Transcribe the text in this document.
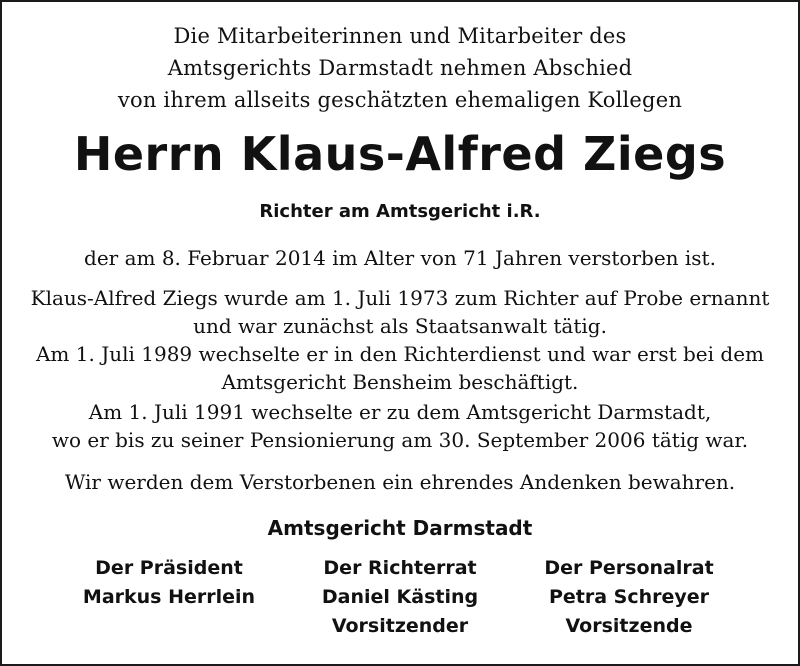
Die Mitarbeiterinnen und Mitarbeiter des
Amtsgerichts Darmstadt nehmen Abschied
von ihrem allseits geschätzten ehemaligen Kollegen
Herrn Klaus-Alfred Ziegs
Richter am Amtsgericht i.R.
der am 8. Februar 2014 im Alter von 71 Jahren verstorben ist.
Klaus-Alfred Ziegs wurde am 1. Juli 1973 zum Richter auf Probe ernannt
und war zunächst als Staatsanwalt tätig.
Am 1. Juli 1989 wechselte er in den Richterdienst und war erst bei dem
Amtsgericht Bensheim beschäftigt.
Am 1. Juli 1991 wechselte er zu dem Amtsgericht Darmstadt,
wo er bis zu seiner Pensionierung am 30. September 2006 tätig war.
Wir werden dem Verstorbenen ein ehrendes Andenken bewahren.
Amtsgericht Darmstadt
Der Präsident
Markus Herrlein
Der Richterrat
Daniel Kästing
Vorsitzender
Der Personalrat
Petra Schreyer
Vorsitzende
